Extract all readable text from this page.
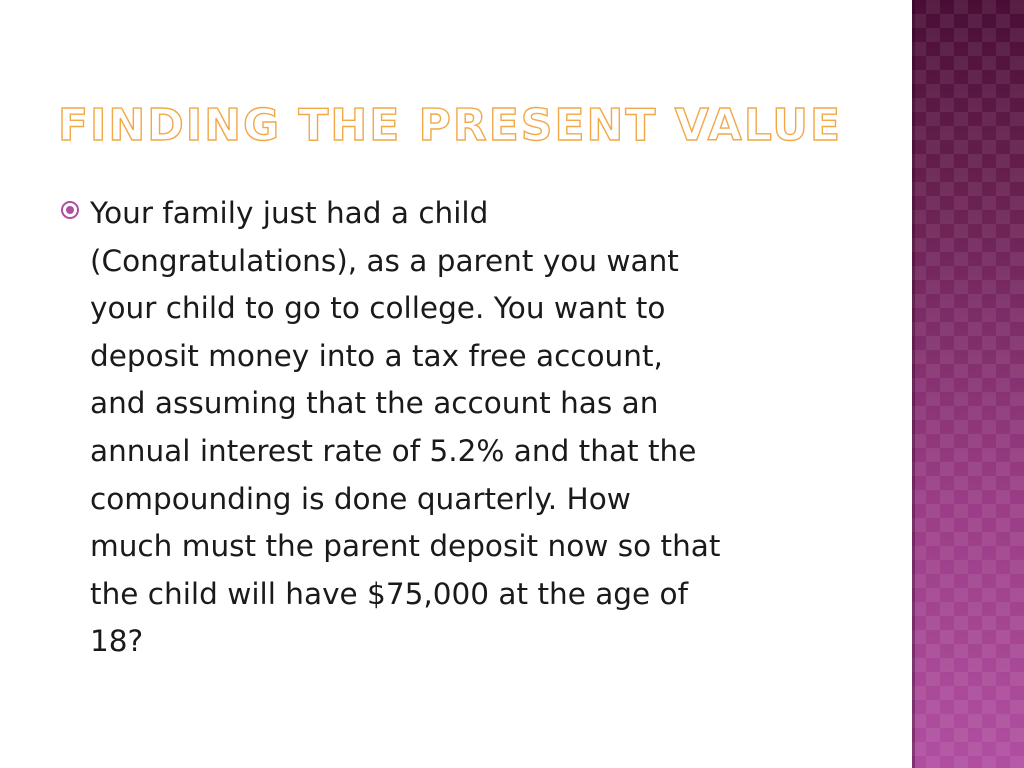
FINDING THE PRESENT VALUE

Your family just had a child
(Congratulations), as a parent you want
your child to go to college. You want to
deposit money into a tax free account,
and assuming that the account has an
annual interest rate of 5.2% and that the
compounding is done quarterly. How
much must the parent deposit now so that
the child will have $75,000 at the age of
18?
